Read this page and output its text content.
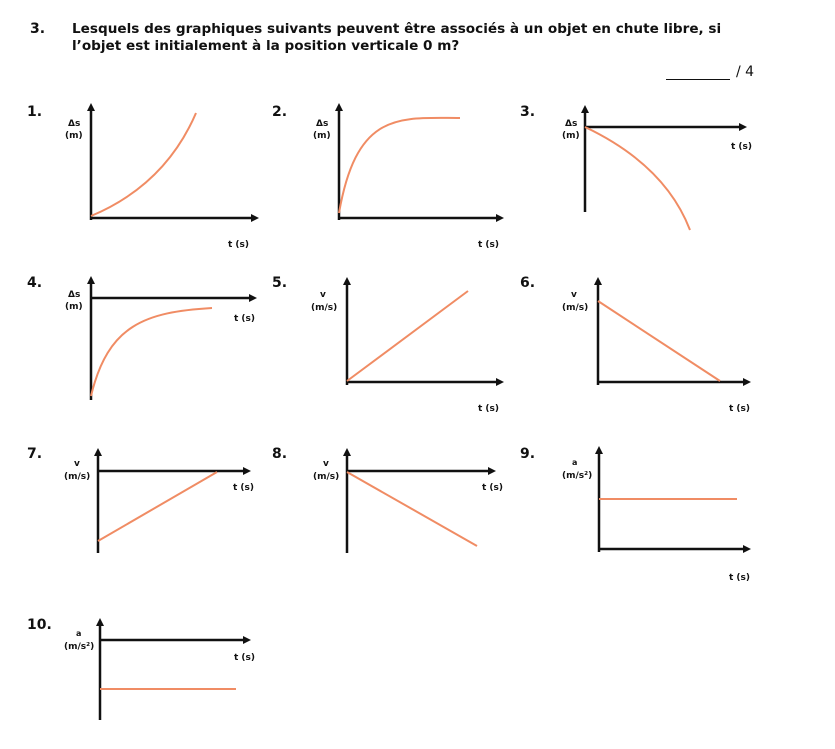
3. Lesquels des graphiques suivants peuvent être associés à un objet en chute libre, si l’objet est initialement à la position verticale 0 m?
/ 4
1.	2.	3.
4.	5.	6.
7.	8.	9.
10.
Δs
(m)
t (s)
Δs
(m)
t (s)
Δs
(m)
t (s)
Δs
(m)
t (s)
v
(m/s)
t (s)
v
(m/s)
t (s)
v
(m/s)
t (s)
v
(m/s)
t (s)
a
(m/s²)
t (s)
a
(m/s²)
t (s)
